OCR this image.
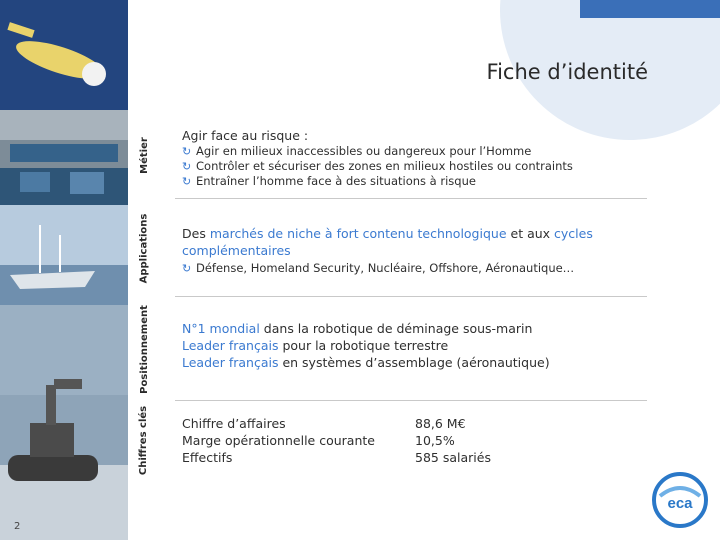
Métier
Applications
Positionnement
Chiffres clés
Fiche d’identité
Agir face au risque :
↻ Agir en milieux inaccessibles ou dangereux pour l’Homme
↻ Contrôler et sécuriser des zones en milieux hostiles ou contraints
↻ Entraîner l’homme face à des situations à risque
Des marchés de niche à fort contenu technologique et aux cycles
complémentaires
↻ Défense, Homeland Security, Nucléaire, Offshore, Aéronautique…
N°1 mondial dans la robotique de déminage sous-marin
Leader français pour la robotique terrestre
Leader français en systèmes d’assemblage (aéronautique)
Chiffre d’affaires
Marge opérationnelle courante
Effectifs
88,6 M€
10,5%
585 salariés
2
eca
